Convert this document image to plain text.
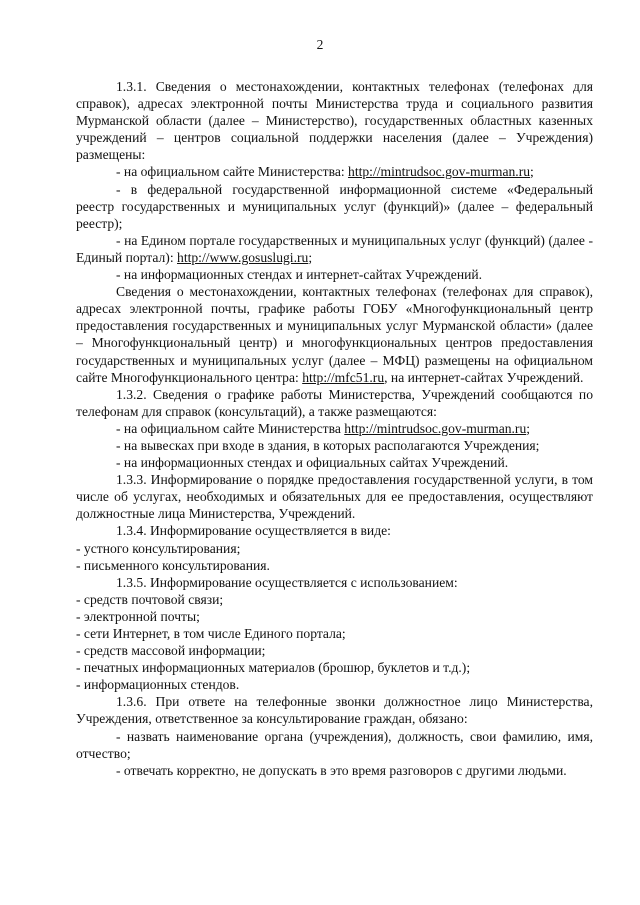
2

1.3.1. Сведения о местонахождении, контактных телефонах (телефонах для справок), адресах электронной почты Министерства труда и социального развития Мурманской области (далее – Министерство), государственных областных казенных учреждений – центров социальной поддержки населения (далее – Учреждения) размещены:

- на официальном сайте Министерства: http://mintrudsoc.gov-murman.ru;

- в федеральной государственной информационной системе «Федеральный реестр государственных и муниципальных услуг (функций)» (далее – федеральный реестр);

- на Едином портале государственных и муниципальных услуг (функций) (далее - Единый портал): http://www.gosuslugi.ru;

- на информационных стендах и интернет-сайтах Учреждений.

Сведения о местонахождении, контактных телефонах (телефонах для справок), адресах электронной почты, графике работы ГОБУ «Многофункциональный центр предоставления государственных и муниципальных услуг Мурманской области» (далее – Многофункциональный центр) и многофункциональных центров предоставления государственных и муниципальных услуг (далее – МФЦ) размещены на официальном сайте Многофункционального центра: http://mfc51.ru, на интернет-сайтах Учреждений.

1.3.2. Сведения о графике работы Министерства, Учреждений сообщаются по телефонам для справок (консультаций), а также размещаются:

- на официальном сайте Министерства http://mintrudsoc.gov-murman.ru;

- на вывесках при входе в здания, в которых располагаются Учреждения;

- на информационных стендах и официальных сайтах Учреждений.

1.3.3. Информирование о порядке предоставления государственной услуги, в том числе об услугах, необходимых и обязательных для ее предоставления, осуществляют должностные лица Министерства, Учреждений.

1.3.4. Информирование осуществляется в виде:

- устного консультирования;

- письменного консультирования.

1.3.5. Информирование осуществляется с использованием:

- средств почтовой связи;

- электронной почты;

- сети Интернет, в том числе Единого портала;

- средств массовой информации;

- печатных информационных материалов (брошюр, буклетов и т.д.);

- информационных стендов.

1.3.6. При ответе на телефонные звонки должностное лицо Министерства, Учреждения, ответственное за консультирование граждан, обязано:

- назвать наименование органа (учреждения), должность, свои фамилию, имя, отчество;

- отвечать корректно, не допускать в это время разговоров с другими людьми.
